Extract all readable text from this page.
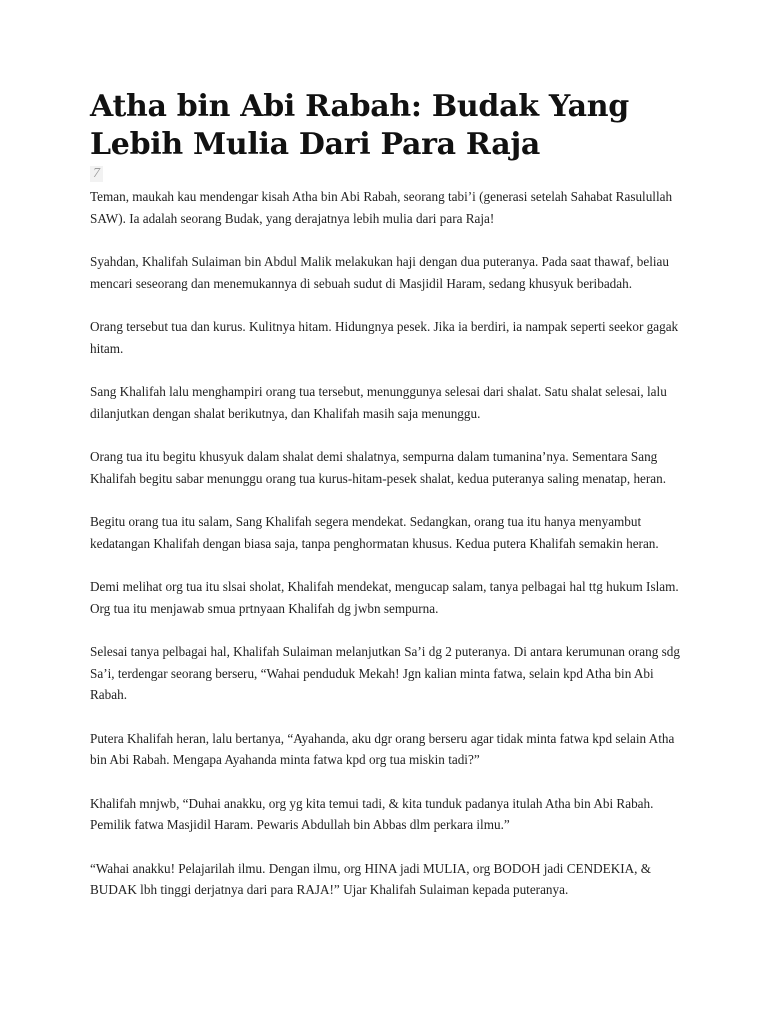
Atha bin Abi Rabah: Budak Yang Lebih Mulia Dari Para Raja
7

Teman, maukah kau mendengar kisah Atha bin Abi Rabah, seorang tabi’i (generasi setelah Sahabat Rasulullah SAW). Ia adalah seorang Budak, yang derajatnya lebih mulia dari para Raja!

Syahdan, Khalifah Sulaiman bin Abdul Malik melakukan haji dengan dua puteranya. Pada saat thawaf, beliau mencari seseorang dan menemukannya di sebuah sudut di Masjidil Haram, sedang khusyuk beribadah.

Orang tersebut tua dan kurus. Kulitnya hitam. Hidungnya pesek. Jika ia berdiri, ia nampak seperti seekor gagak hitam.

Sang Khalifah lalu menghampiri orang tua tersebut, menunggunya selesai dari shalat. Satu shalat selesai, lalu dilanjutkan dengan shalat berikutnya, dan Khalifah masih saja menunggu.

Orang tua itu begitu khusyuk dalam shalat demi shalatnya, sempurna dalam tumanina’nya. Sementara Sang Khalifah begitu sabar menunggu orang tua kurus-hitam-pesek shalat, kedua puteranya saling menatap, heran.

Begitu orang tua itu salam, Sang Khalifah segera mendekat. Sedangkan, orang tua itu hanya menyambut kedatangan Khalifah dengan biasa saja, tanpa penghormatan khusus. Kedua putera Khalifah semakin heran.

Demi melihat org tua itu slsai sholat, Khalifah mendekat, mengucap salam, tanya pelbagai hal ttg hukum Islam. Org tua itu menjawab smua prtnyaan Khalifah dg jwbn sempurna.

Selesai tanya pelbagai hal, Khalifah Sulaiman melanjutkan Sa’i dg 2 puteranya. Di antara kerumunan orang sdg Sa’i, terdengar seorang berseru, “Wahai penduduk Mekah! Jgn kalian minta fatwa, selain kpd Atha bin Abi Rabah.

Putera Khalifah heran, lalu bertanya, “Ayahanda, aku dgr orang berseru agar tidak minta fatwa kpd selain Atha bin Abi Rabah. Mengapa Ayahanda minta fatwa kpd org tua miskin tadi?”

Khalifah mnjwb, “Duhai anakku, org yg kita temui tadi, & kita tunduk padanya itulah Atha bin Abi Rabah. Pemilik fatwa Masjidil Haram. Pewaris Abdullah bin Abbas dlm perkara ilmu.”

“Wahai anakku! Pelajarilah ilmu. Dengan ilmu, org HINA jadi MULIA, org BODOH jadi CENDEKIA, & BUDAK lbh tinggi derjatnya dari para RAJA!” Ujar Khalifah Sulaiman kepada puteranya.
